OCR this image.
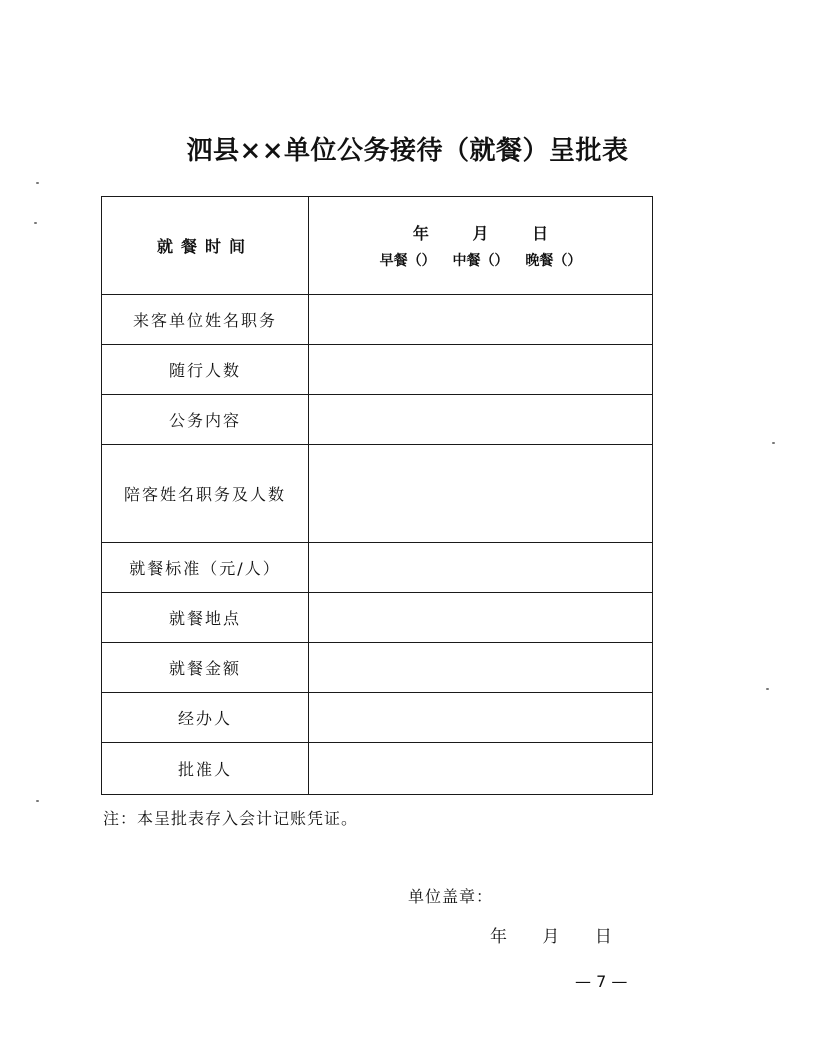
泗县××单位公务接待（就餐）呈批表
就餐时间	年 月 日
早餐（） 中餐（） 晚餐（）

来客单位姓名职务	
随行人数	
公务内容	
陪客姓名职务及人数	
就餐标准（元/人）	
就餐地点	
就餐金额	
经办人	
批准人	
注：本呈批表存入会计记账凭证。
单位盖章：
年 月 日
— 7 —
